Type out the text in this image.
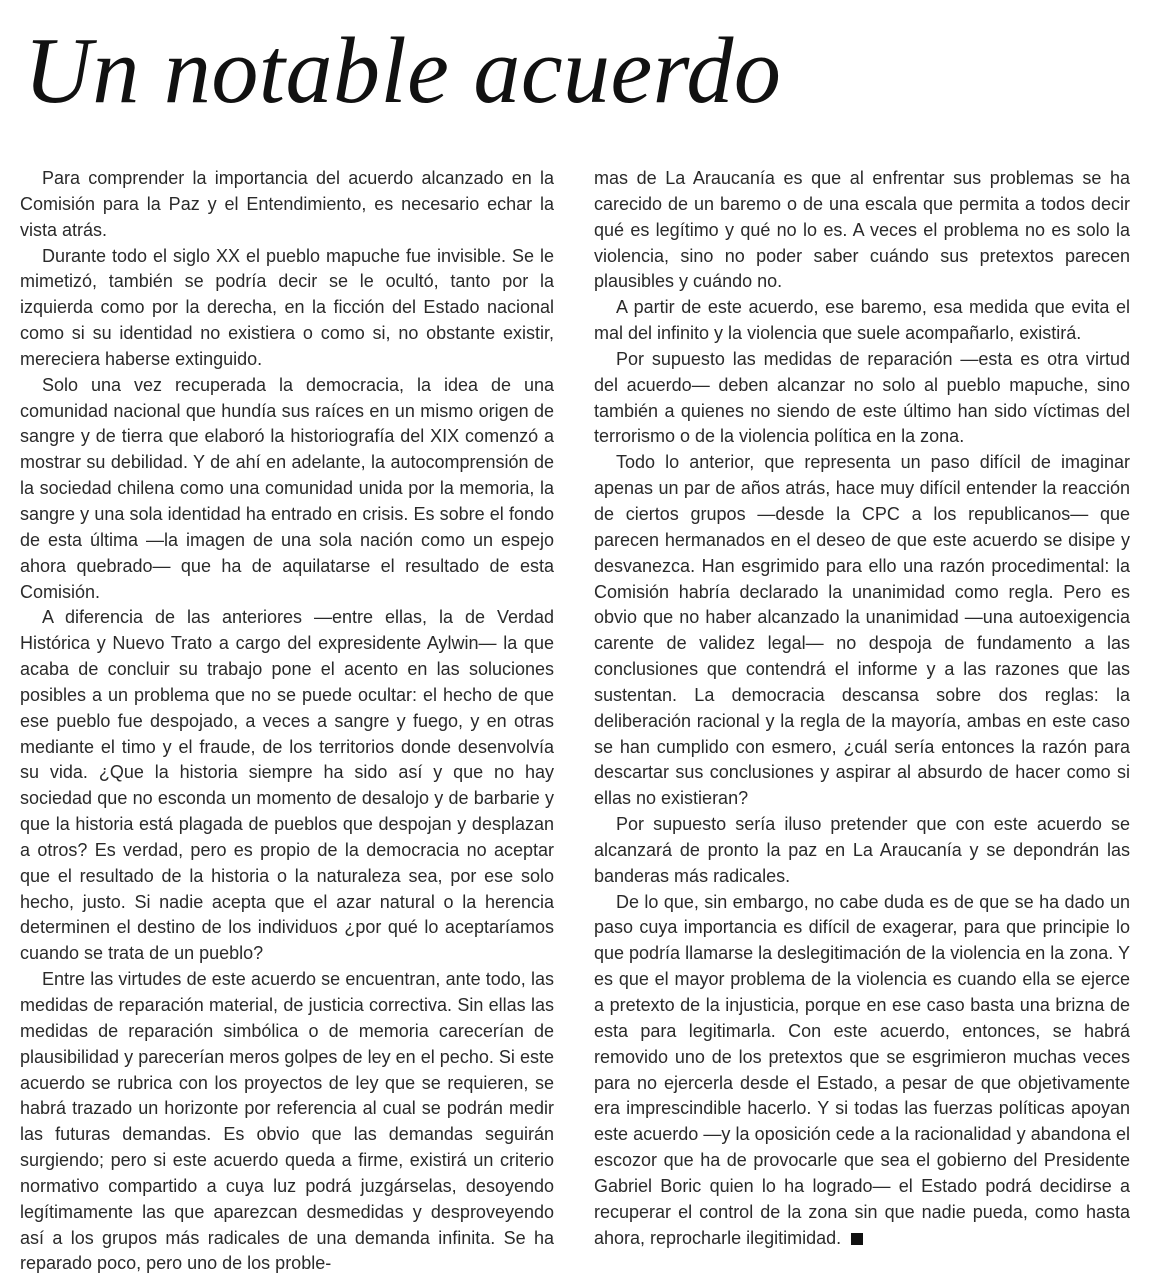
Un notable acuerdo

Para comprender la importancia del acuerdo alcanzado en la Comisión para la Paz y el Entendimiento, es necesario echar la vista atrás.

Durante todo el siglo XX el pueblo mapuche fue invisible. Se le mimetizó, también se podría decir se le ocultó, tanto por la izquierda como por la derecha, en la ficción del Estado nacional como si su identidad no existiera o como si, no obstante existir, mereciera haberse extinguido.

Solo una vez recuperada la democracia, la idea de una comunidad nacional que hundía sus raíces en un mismo origen de sangre y de tierra que elaboró la historiografía del XIX comenzó a mostrar su debilidad. Y de ahí en adelante, la autocomprensión de la sociedad chilena como una comunidad unida por la memoria, la sangre y una sola identidad ha entrado en crisis. Es sobre el fondo de esta última —la imagen de una sola nación como un espejo ahora quebrado— que ha de aquilatarse el resultado de esta Comisión.

A diferencia de las anteriores —entre ellas, la de Verdad Histórica y Nuevo Trato a cargo del expresidente Aylwin— la que acaba de concluir su trabajo pone el acento en las soluciones posibles a un problema que no se puede ocultar: el hecho de que ese pueblo fue despojado, a veces a sangre y fuego, y en otras mediante el timo y el fraude, de los territorios donde desenvolvía su vida. ¿Que la historia siempre ha sido así y que no hay sociedad que no esconda un momento de desalojo y de barbarie y que la historia está plagada de pueblos que despojan y desplazan a otros? Es verdad, pero es propio de la democracia no aceptar que el resultado de la historia o la naturaleza sea, por ese solo hecho, justo. Si nadie acepta que el azar natural o la herencia determinen el destino de los individuos ¿por qué lo aceptaríamos cuando se trata de un pueblo?

Entre las virtudes de este acuerdo se encuentran, ante todo, las medidas de reparación material, de justicia correctiva. Sin ellas las medidas de reparación simbólica o de memoria carecerían de plausibilidad y parecerían meros golpes de ley en el pecho. Si este acuerdo se rubrica con los proyectos de ley que se requieren, se habrá trazado un horizonte por referencia al cual se podrán medir las futuras demandas. Es obvio que las demandas seguirán surgiendo; pero si este acuerdo queda a firme, existirá un criterio normativo compartido a cuya luz podrá juzgárselas, desoyendo legítimamente las que aparezcan desmedidas y desproveyendo así a los grupos más radicales de una demanda infinita. Se ha reparado poco, pero uno de los proble-

mas de La Araucanía es que al enfrentar sus problemas se ha carecido de un baremo o de una escala que permita a todos decir qué es legítimo y qué no lo es. A veces el problema no es solo la violencia, sino no poder saber cuándo sus pretextos parecen plausibles y cuándo no.

A partir de este acuerdo, ese baremo, esa medida que evita el mal del infinito y la violencia que suele acompañarlo, existirá.

Por supuesto las medidas de reparación —esta es otra virtud del acuerdo— deben alcanzar no solo al pueblo mapuche, sino también a quienes no siendo de este último han sido víctimas del terrorismo o de la violencia política en la zona.

Todo lo anterior, que representa un paso difícil de imaginar apenas un par de años atrás, hace muy difícil entender la reacción de ciertos grupos —desde la CPC a los republicanos— que parecen hermanados en el deseo de que este acuerdo se disipe y desvanezca. Han esgrimido para ello una razón procedimental: la Comisión habría declarado la unanimidad como regla. Pero es obvio que no haber alcanzado la unanimidad —una autoexigencia carente de validez legal— no despoja de fundamento a las conclusiones que contendrá el informe y a las razones que las sustentan. La democracia descansa sobre dos reglas: la deliberación racional y la regla de la mayoría, ambas en este caso se han cumplido con esmero, ¿cuál sería entonces la razón para descartar sus conclusiones y aspirar al absurdo de hacer como si ellas no existieran?

Por supuesto sería iluso pretender que con este acuerdo se alcanzará de pronto la paz en La Araucanía y se depondrán las banderas más radicales.

De lo que, sin embargo, no cabe duda es de que se ha dado un paso cuya importancia es difícil de exagerar, para que principie lo que podría llamarse la deslegitimación de la violencia en la zona. Y es que el mayor problema de la violencia es cuando ella se ejerce a pretexto de la injusticia, porque en ese caso basta una brizna de esta para legitimarla. Con este acuerdo, entonces, se habrá removido uno de los pretextos que se esgrimieron muchas veces para no ejercerla desde el Estado, a pesar de que objetivamente era imprescindible hacerlo. Y si todas las fuerzas políticas apoyan este acuerdo —y la oposición cede a la racionalidad y abandona el escozor que ha de provocarle que sea el gobierno del Presidente Gabriel Boric quien lo ha logrado— el Estado podrá decidirse a recuperar el control de la zona sin que nadie pueda, como hasta ahora, reprocharle ilegitimidad.
